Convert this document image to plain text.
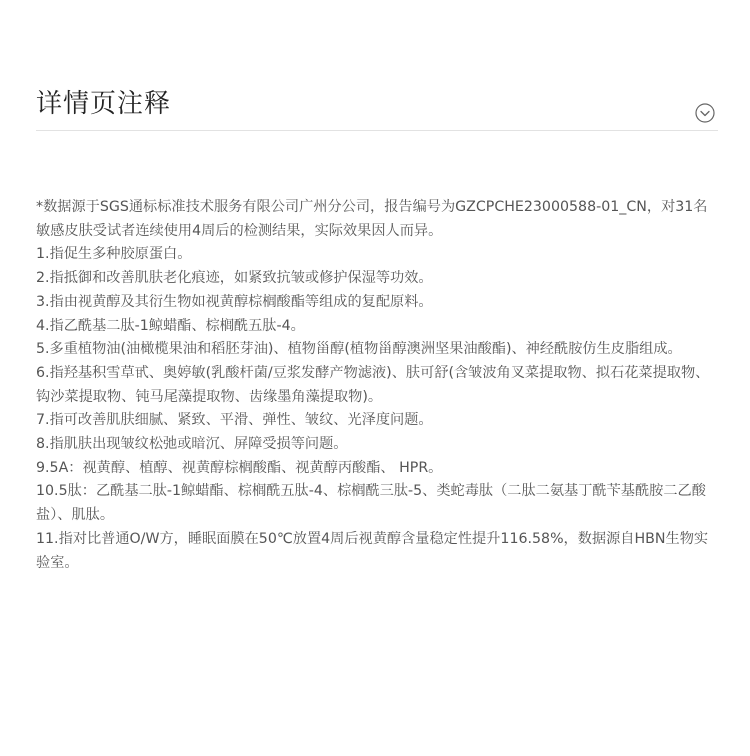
详情页注释

*数据源于SGS通标标准技术服务有限公司广州分公司，报告编号为GZCPCHE23000588-01_CN，对31名敏感皮肤受试者连续使用4周后的检测结果，实际效果因人而异。

1.指促生多种胶原蛋白。

2.指抵御和改善肌肤老化痕迹，如紧致抗皱或修护保湿等功效。

3.指由视黄醇及其衍生物如视黄醇棕榈酸酯等组成的复配原料。

4.指乙酰基二肽-1鲸蜡酯、棕榈酰五肽-4。

5.多重植物油(油橄榄果油和稻胚芽油)、植物甾醇(植物甾醇澳洲坚果油酸酯)、神经酰胺仿生皮脂组成。

6.指羟基积雪草甙、奥婷敏(乳酸杆菌/豆浆发酵产物滤液)、肤可舒(含皱波角叉菜提取物、拟石花菜提取物、钩沙菜提取物、钝马尾藻提取物、齿缘墨角藻提取物)。

7.指可改善肌肤细腻、紧致、平滑、弹性、皱纹、光泽度问题。

8.指肌肤出现皱纹松弛或暗沉、屏障受损等问题。

9.5A：视黄醇、植醇、视黄醇棕榈酸酯、视黄醇丙酸酯、 HPR。

10.5肽：乙酰基二肽-1鲸蜡酯、棕榈酰五肽-4、棕榈酰三肽-5、类蛇毒肽（二肽二氨基丁酰苄基酰胺二乙酸盐）、肌肽。

11.指对比普通O/W方，睡眠面膜在50℃放置4周后视黄醇含量稳定性提升116.58%，数据源自HBN生物实验室。
